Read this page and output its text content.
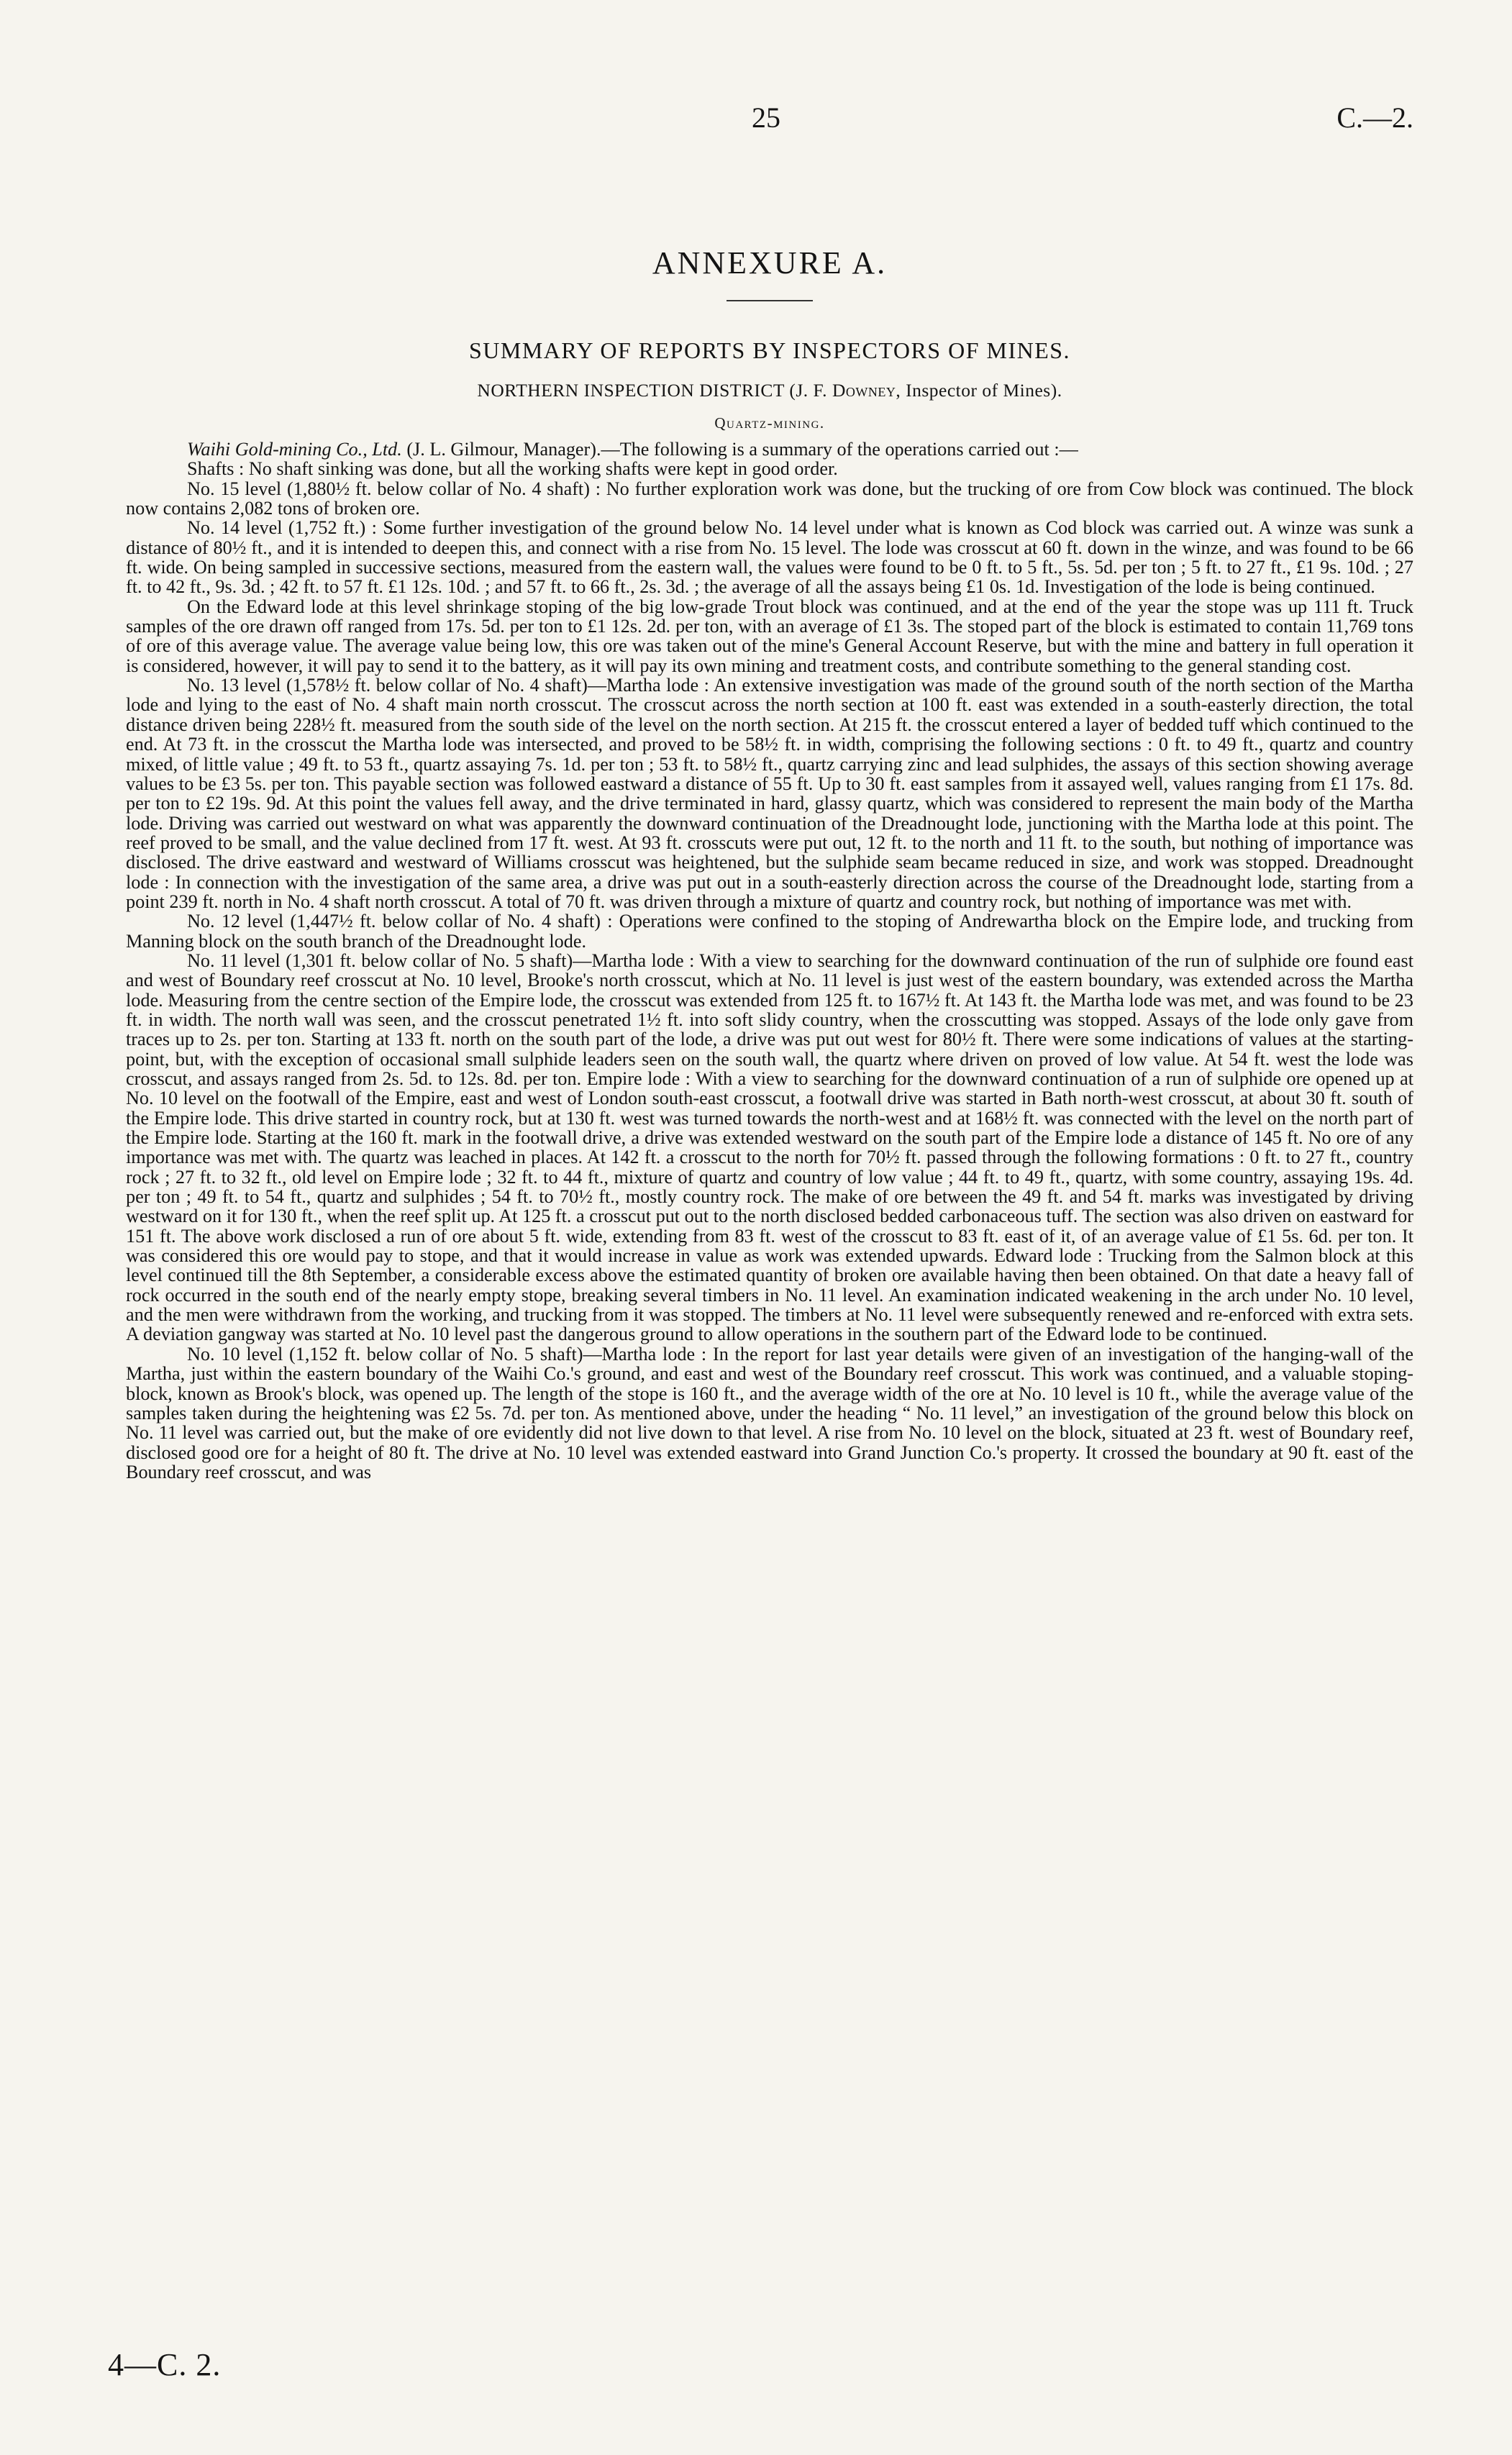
25	C.—2.
ANNEXURE A.
SUMMARY OF REPORTS BY INSPECTORS OF MINES.
NORTHERN INSPECTION DISTRICT (J. F. Downey, Inspector of Mines).
Quartz-mining.

Waihi Gold-mining Co., Ltd. (J. L. Gilmour, Manager).—The following is a summary of the operations carried out :—

Shafts : No shaft sinking was done, but all the working shafts were kept in good order.

No. 15 level (1,880½ ft. below collar of No. 4 shaft) : No further exploration work was done, but the trucking of ore from Cow block was continued. The block now contains 2,082 tons of broken ore.

No. 14 level (1,752 ft.) : Some further investigation of the ground below No. 14 level under what is known as Cod block was carried out. A winze was sunk a distance of 80½ ft., and it is intended to deepen this, and connect with a rise from No. 15 level. The lode was crosscut at 60 ft. down in the winze, and was found to be 66 ft. wide. On being sampled in successive sections, measured from the eastern wall, the values were found to be 0 ft. to 5 ft., 5s. 5d. per ton ; 5 ft. to 27 ft., £1 9s. 10d. ; 27 ft. to 42 ft., 9s. 3d. ; 42 ft. to 57 ft. £1 12s. 10d. ; and 57 ft. to 66 ft., 2s. 3d. ; the average of all the assays being £1 0s. 1d. Investigation of the lode is being continued.

On the Edward lode at this level shrinkage stoping of the big low-grade Trout block was continued, and at the end of the year the stope was up 111 ft. Truck samples of the ore drawn off ranged from 17s. 5d. per ton to £1 12s. 2d. per ton, with an average of £1 3s. The stoped part of the block is estimated to contain 11,769 tons of ore of this average value. The average value being low, this ore was taken out of the mine's General Account Reserve, but with the mine and battery in full operation it is considered, however, it will pay to send it to the battery, as it will pay its own mining and treatment costs, and contribute something to the general standing cost.

No. 13 level (1,578½ ft. below collar of No. 4 shaft)—Martha lode : An extensive investigation was made of the ground south of the north section of the Martha lode and lying to the east of No. 4 shaft main north crosscut. The crosscut across the north section at 100 ft. east was extended in a south-easterly direction, the total distance driven being 228½ ft. measured from the south side of the level on the north section. At 215 ft. the crosscut entered a layer of bedded tuff which continued to the end. At 73 ft. in the crosscut the Martha lode was intersected, and proved to be 58½ ft. in width, comprising the following sections : 0 ft. to 49 ft., quartz and country mixed, of little value ; 49 ft. to 53 ft., quartz assaying 7s. 1d. per ton ; 53 ft. to 58½ ft., quartz carrying zinc and lead sulphides, the assays of this section showing average values to be £3 5s. per ton. This payable section was followed eastward a distance of 55 ft. Up to 30 ft. east samples from it assayed well, values ranging from £1 17s. 8d. per ton to £2 19s. 9d. At this point the values fell away, and the drive terminated in hard, glassy quartz, which was considered to represent the main body of the Martha lode. Driving was carried out westward on what was apparently the downward continuation of the Dreadnought lode, junctioning with the Martha lode at this point. The reef proved to be small, and the value declined from 17 ft. west. At 93 ft. crosscuts were put out, 12 ft. to the north and 11 ft. to the south, but nothing of importance was disclosed. The drive eastward and westward of Williams crosscut was heightened, but the sulphide seam became reduced in size, and work was stopped. Dreadnought lode : In connection with the investigation of the same area, a drive was put out in a south-easterly direction across the course of the Dreadnought lode, starting from a point 239 ft. north in No. 4 shaft north crosscut. A total of 70 ft. was driven through a mixture of quartz and country rock, but nothing of importance was met with.

No. 12 level (1,447½ ft. below collar of No. 4 shaft) : Operations were confined to the stoping of Andrewartha block on the Empire lode, and trucking from Manning block on the south branch of the Dreadnought lode.

No. 11 level (1,301 ft. below collar of No. 5 shaft)—Martha lode : With a view to searching for the downward continuation of the run of sulphide ore found east and west of Boundary reef crosscut at No. 10 level, Brooke's north crosscut, which at No. 11 level is just west of the eastern boundary, was extended across the Martha lode. Measuring from the centre section of the Empire lode, the crosscut was extended from 125 ft. to 167½ ft. At 143 ft. the Martha lode was met, and was found to be 23 ft. in width. The north wall was seen, and the crosscut penetrated 1½ ft. into soft slidy country, when the crosscutting was stopped. Assays of the lode only gave from traces up to 2s. per ton. Starting at 133 ft. north on the south part of the lode, a drive was put out west for 80½ ft. There were some indications of values at the starting-point, but, with the exception of occasional small sulphide leaders seen on the south wall, the quartz where driven on proved of low value. At 54 ft. west the lode was crosscut, and assays ranged from 2s. 5d. to 12s. 8d. per ton. Empire lode : With a view to searching for the downward continuation of a run of sulphide ore opened up at No. 10 level on the footwall of the Empire, east and west of London south-east crosscut, a footwall drive was started in Bath north-west crosscut, at about 30 ft. south of the Empire lode. This drive started in country rock, but at 130 ft. west was turned towards the north-west and at 168½ ft. was connected with the level on the north part of the Empire lode. Starting at the 160 ft. mark in the footwall drive, a drive was extended westward on the south part of the Empire lode a distance of 145 ft. No ore of any importance was met with. The quartz was leached in places. At 142 ft. a crosscut to the north for 70½ ft. passed through the following formations : 0 ft. to 27 ft., country rock ; 27 ft. to 32 ft., old level on Empire lode ; 32 ft. to 44 ft., mixture of quartz and country of low value ; 44 ft. to 49 ft., quartz, with some country, assaying 19s. 4d. per ton ; 49 ft. to 54 ft., quartz and sulphides ; 54 ft. to 70½ ft., mostly country rock. The make of ore between the 49 ft. and 54 ft. marks was investigated by driving westward on it for 130 ft., when the reef split up. At 125 ft. a crosscut put out to the north disclosed bedded carbonaceous tuff. The section was also driven on eastward for 151 ft. The above work disclosed a run of ore about 5 ft. wide, extending from 83 ft. west of the crosscut to 83 ft. east of it, of an average value of £1 5s. 6d. per ton. It was considered this ore would pay to stope, and that it would increase in value as work was extended upwards. Edward lode : Trucking from the Salmon block at this level continued till the 8th September, a considerable excess above the estimated quantity of broken ore available having then been obtained. On that date a heavy fall of rock occurred in the south end of the nearly empty stope, breaking several timbers in No. 11 level. An examination indicated weakening in the arch under No. 10 level, and the men were withdrawn from the working, and trucking from it was stopped. The timbers at No. 11 level were subsequently renewed and re-enforced with extra sets. A deviation gangway was started at No. 10 level past the dangerous ground to allow operations in the southern part of the Edward lode to be continued.

No. 10 level (1,152 ft. below collar of No. 5 shaft)—Martha lode : In the report for last year details were given of an investigation of the hanging-wall of the Martha, just within the eastern boundary of the Waihi Co.'s ground, and east and west of the Boundary reef crosscut. This work was continued, and a valuable stoping-block, known as Brook's block, was opened up. The length of the stope is 160 ft., and the average width of the ore at No. 10 level is 10 ft., while the average value of the samples taken during the heightening was £2 5s. 7d. per ton. As mentioned above, under the heading “ No. 11 level,” an investigation of the ground below this block on No. 11 level was carried out, but the make of ore evidently did not live down to that level. A rise from No. 10 level on the block, situated at 23 ft. west of Boundary reef, disclosed good ore for a height of 80 ft. The drive at No. 10 level was extended eastward into Grand Junction Co.'s property. It crossed the boundary at 90 ft. east of the Boundary reef crosscut, and was

4—C. 2.
